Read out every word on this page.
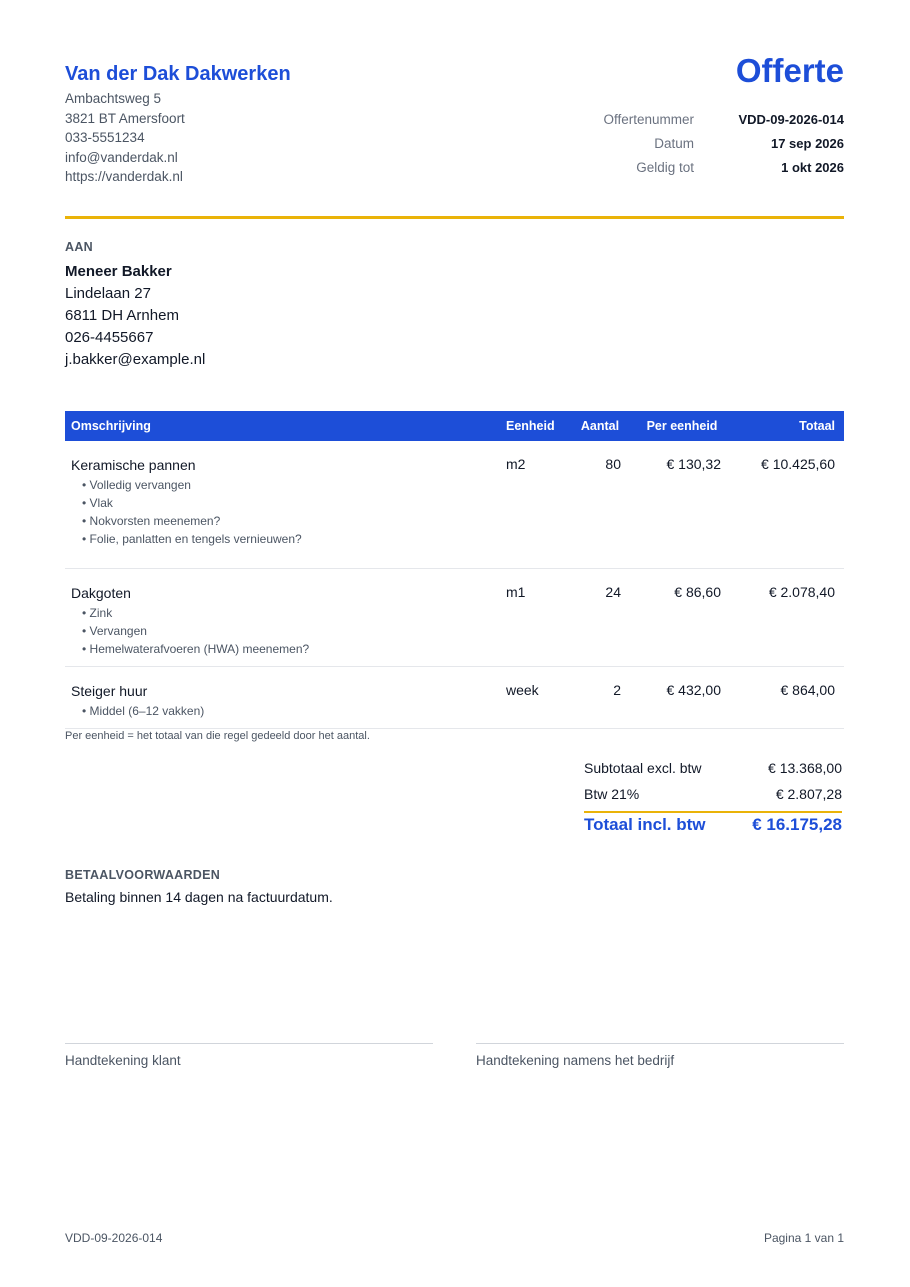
Van der Dak Dakwerken
Ambachtsweg 5
3821 BT Amersfoort
033-5551234
info@vanderdak.nl
https://vanderdak.nl
Offerte
Offertenummer	VDD-09-2026-014
Datum	17 sep 2026
Geldig tot	1 okt 2026
AAN
Meneer Bakker
Lindelaan 27
6811 DH Arnhem
026-4455667
j.bakker@example.nl
Omschrijving	Eenheid	Aantal	Per eenheid	Totaal
Keramische pannen
• Volledig vervangen
• Vlak
• Nokvorsten meenemen?
• Folie, panlatten en tengels vernieuwen?
m2	80	€ 130,32	€ 10.425,60
Dakgoten
• Zink
• Vervangen
• Hemelwaterafvoeren (HWA) meenemen?
m1	24	€ 86,60	€ 2.078,40
Steiger huur
• Middel (6–12 vakken)
week	2	€ 432,00	€ 864,00
Per eenheid = het totaal van die regel gedeeld door het aantal.
Subtotaal excl. btw	€ 13.368,00
Btw 21%	€ 2.807,28
Totaal incl. btw	€ 16.175,28
BETAALVOORWAARDEN
Betaling binnen 14 dagen na factuurdatum.
Handtekening klant	Handtekening namens het bedrijf
VDD-09-2026-014	Pagina 1 van 1
